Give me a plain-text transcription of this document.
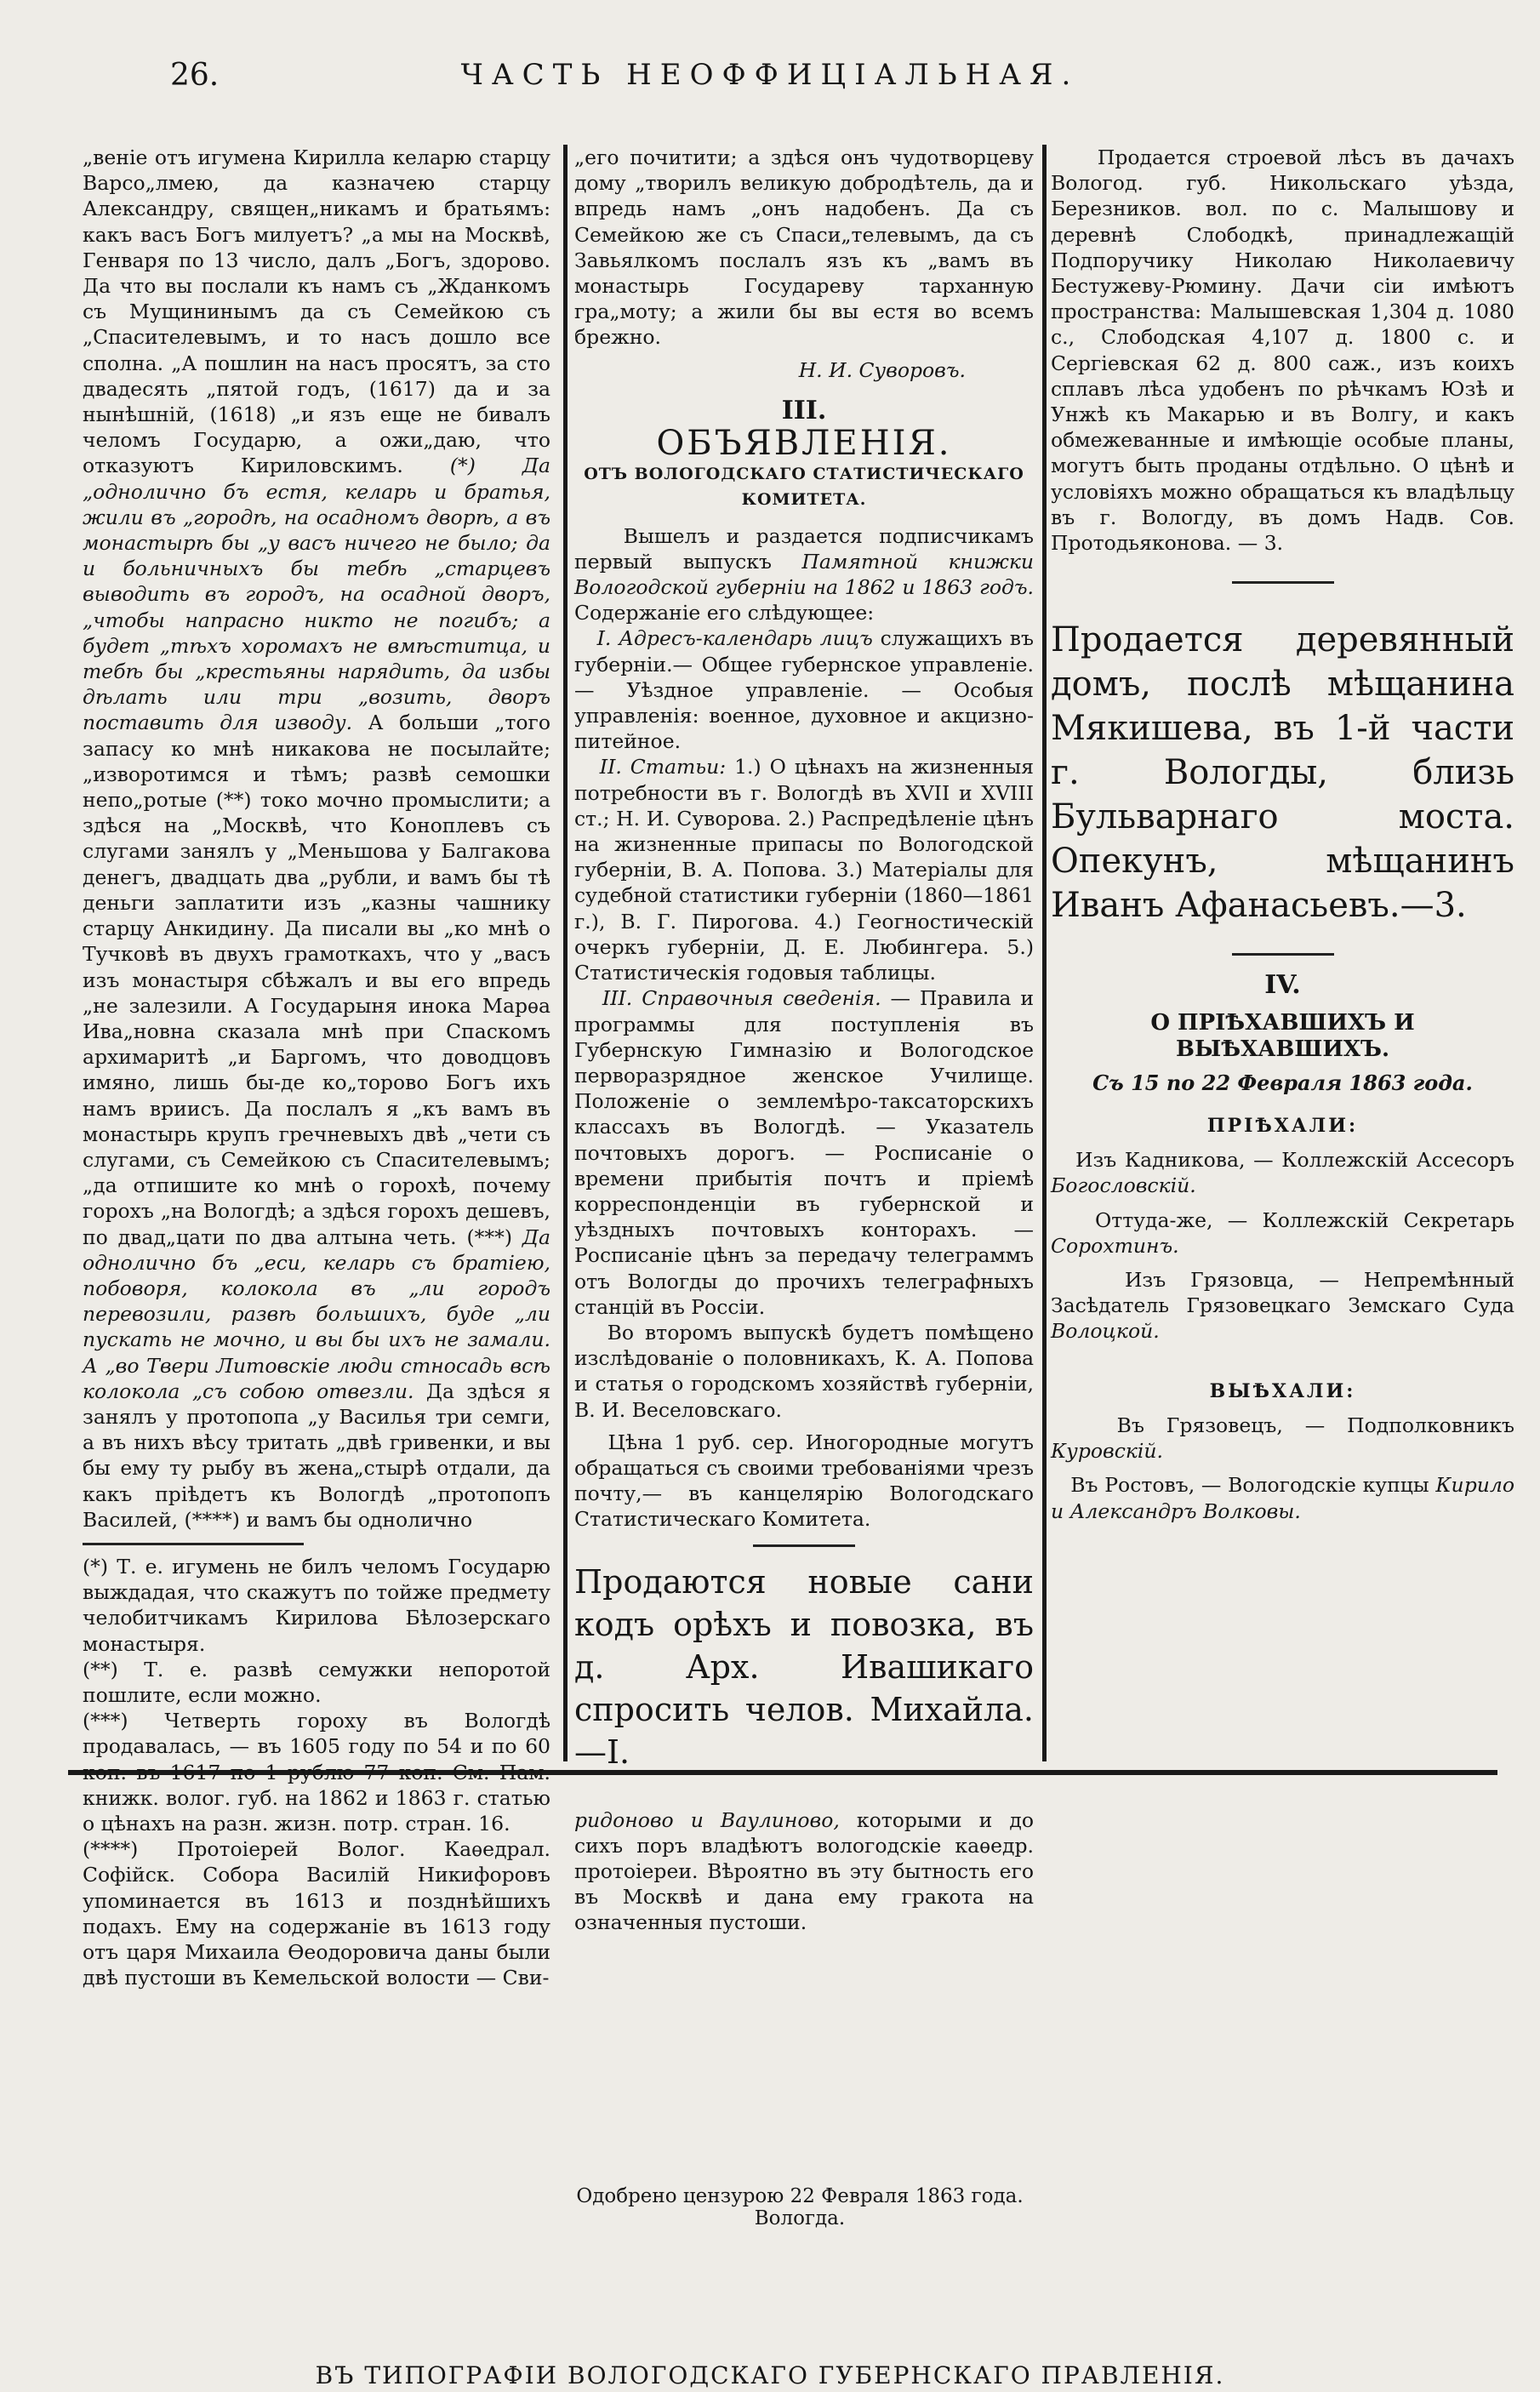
26.	ЧАСТЬ НЕОФФИЦІАЛЬНАЯ.

„веніе отъ игумена Кирилла келарю старцу Варсо„лмею, да казначею старцу Александру, священ„никамъ и братьямъ: какъ васъ Богъ милуетъ? „а мы на Москвѣ, Генваря по 13 число, далъ „Богъ, здорово. Да что вы послали къ намъ съ „Жданкомъ съ Мущининымъ да съ Семейкою съ „Спасителевымъ, и то насъ дошло все сполна. „А пошлин на насъ просятъ, за сто двадесять „пятой годъ, (1617) да и за нынѣшній, (1618) „и язъ еще не бивалъ челомъ Государю, а ожи„даю, что отказуютъ Кириловскимъ. (*) Да „однолично бъ естя, келарь и братья, жили въ „городѣ, на осадномъ дворѣ, а въ монастырѣ бы „у васъ ничего не было; да и больничныхъ бы тебѣ „старцевъ выводить въ городъ, на осадной дворъ, „чтобы напрасно никто не погибъ; а будет „тѣхъ хоромахъ не вмѣститца, и тебѣ бы „крестьяны нарядить, да избы дѣлать или три „возить, дворъ поставить для изводу. А больши „того запасу ко мнѣ никакова не посылайте; „изворотимся и тѣмъ; развѣ семошки непо„ротые (**) токо мочно промыслити; а здѣся на „Москвѣ, что Коноплевъ съ слугами занялъ у „Меньшова у Балгакова денегъ, двадцать два „рубли, и вамъ бы тѣ деньги заплатити изъ „казны чашнику старцу Анкидину. Да писали вы „ко мнѣ о Тучковѣ въ двухъ грамоткахъ, что у „васъ изъ монастыря сбѣжалъ и вы его впредь „не залезили. А Государыня инока Марѳа Ива„новна сказала мнѣ при Спаскомъ архимаритѣ „и Баргомъ, что доводцовъ имяно, лишь бы-де ко„торово Богъ ихъ намъ вриисъ. Да послалъ я „къ вамъ въ монастырь крупъ гречневыхъ двѣ „чети съ слугами, съ Семейкою съ Спасителевымъ; „да отпишите ко мнѣ о горохѣ, почему горохъ „на Вологдѣ; а здѣся горохъ дешевъ, по двад„цати по два алтына четь. (***) Да однолично бъ „еси, келарь съ братіею, побоворя, колокола въ „ли городъ перевозили, развѣ большихъ, буде „ли пускать не мочно, и вы бы ихъ не замали. А „во Твери Литовскіе люди стносадь всѣ колокола „съ собою отвезли. Да здѣся я занялъ у протопопа „у Василья три семги, а въ нихъ вѣсу тритать „двѣ гривенки, и вы бы ему ту рыбу въ жена„стырѣ отдали, да какъ пріѣдетъ къ Вологдѣ „протопопъ Василей, (****) и вамъ бы однолично

(*) Т. е. игумень не билъ челомъ Государю выждадая, что скажутъ по тойже предмету челобитчикамъ Кирилова Бѣлозерскаго монастыря.

(**) Т. е. развѣ семужки непоротой пошлите, если можно.

(***) Четверть гороху въ Вологдѣ продавалась, — въ 1605 году по 54 и по 60 коп. въ 1617 по 1 рублю 77 коп. См. Пам. книжк. волог. губ. на 1862 и 1863 г. статью о цѣнахъ на разн. жизн. потр. стран. 16.

(****) Протоіерей Волог. Каѳедрал. Софійск. Собора Василій Никифоровъ упоминается въ 1613 и позднѣйшихъ подахъ. Ему на содержаніе въ 1613 году отъ царя Михаила Ѳеодоровича даны были двѣ пустоши въ Кемельской волости — Сви-

„его почитити; а здѣся онъ чудотворцеву дому „творилъ великую добродѣтель, да и впредь намъ „онъ надобенъ. Да съ Семейкою же съ Спаси„телевымъ, да съ Завьялкомъ послалъ язъ къ „вамъ въ монастырь Государеву тарханную гра„моту; а жили бы вы естя во всемъ брежно.

Н. И. Суворовъ.

III.
ОБЪЯВЛЕНІЯ.
ОТЪ ВОЛОГОДСКАГО СТАТИСТИЧЕСКАГО КОМИТЕТА.

Вышелъ и раздается подписчикамъ первый выпускъ Памятной книжки Вологодской губерніи на 1862 и 1863 годъ. Содержаніе его слѣдующее:

I. Адресъ-календарь лицъ служащихъ въ губерніи.— Общее губернское управленіе. — Уѣздное управленіе. — Особыя управленія: военное, духовное и акцизно-питейное.

II. Статьи: 1.) О цѣнахъ на жизненныя потребности въ г. Вологдѣ въ XVII и XVIII ст.; Н. И. Суворова. 2.) Распредѣленіе цѣнъ на жизненные припасы по Вологодской губерніи, В. А. Попова. 3.) Матеріалы для судебной статистики губерніи (1860—1861 г.), В. Г. Пирогова. 4.) Геогностическій очеркъ губерніи, Д. Е. Любингера. 5.) Статистическія годовыя таблицы.

III. Справочныя сведенія. — Правила и программы для поступленія въ Губернскую Гимназію и Вологодское перворазрядное женское Училище. Положеніе о землемѣро-таксаторскихъ классахъ въ Вологдѣ. — Указатель почтовыхъ дорогъ. — Росписаніе о времени прибытія почтъ и пріемѣ корреспонденціи въ губернской и уѣздныхъ почтовыхъ конторахъ. — Росписаніе цѣнъ за передачу телеграммъ отъ Вологды до прочихъ телеграфныхъ станцій въ Россіи.

Во второмъ выпускѣ будетъ помѣщено изслѣдованіе о половникахъ, К. А. Попова и статья о городскомъ хозяйствѣ губерніи, В. И. Веселовскаго.

Цѣна 1 руб. сер. Иногородные могутъ обращаться съ своими требованіями чрезъ почту,— въ канцелярію Вологодскаго Статистическаго Комитета.

Продаются новые сани кодъ орѣхъ и повозка, въ д. Арх. Ивашикаго спросить челов. Михайла.—I.

ридоново и Ваулиново, которыми и до сихъ поръ владѣютъ вологодскіе каѳедр. протоіереи. Вѣроятно въ эту бытность его въ Москвѣ и дана ему гракота на означенныя пустоши.

Продается строевой лѣсъ въ дачахъ Вологод. губ. Никольскаго уѣзда, Березников. вол. по с. Малышову и деревнѣ Слободкѣ, принадлежащій Подпоручику Николаю Николаевичу Бестужеву-Рюмину. Дачи сіи имѣютъ пространства: Малышевская 1,304 д. 1080 с., Слободская 4,107 д. 1800 с. и Сергіевская 62 д. 800 саж., изъ коихъ сплавъ лѣса удобенъ по рѣчкамъ Юзѣ и Унжѣ къ Макарью и въ Волгу, и какъ обмежеванные и имѣющіе особые планы, могутъ быть проданы отдѣльно. О цѣнѣ и условіяхъ можно обращаться къ владѣльцу въ г. Вологду, въ домъ Надв. Сов. Протодьяконова. — 3.

Продается деревянный домъ, послѣ мѣщанина Мякишева, въ 1-й части г. Вологды, близь Бульварнаго моста. Опекунъ, мѣщанинъ Иванъ Афанасьевъ.—3.

IV.
О ПРІѢХАВШИХЪ И ВЫѢХАВШИХЪ.
Съ 15 по 22 Февраля 1863 года.
ПРІѢХАЛИ:

Изъ Кадникова, — Коллежскій Ассесоръ Богословскій.

Оттуда-же, — Коллежскій Секретарь Сорохтинъ.

Изъ Грязовца, — Непремѣнный Засѣдатель Грязовецкаго Земскаго Суда Волоцкой.

ВЫѢХАЛИ:

Въ Грязовецъ, — Подполковникъ Куровскій.

Въ Ростовъ, — Вологодскіе купцы Кирило и Александръ Волковы.

Одобрено цензурою 22 Февраля 1863 года. Вологда.
ВЪ ТИПОГРАФІИ ВОЛОГОДСКАГО ГУБЕРНСКАГО ПРАВЛЕНІЯ.
